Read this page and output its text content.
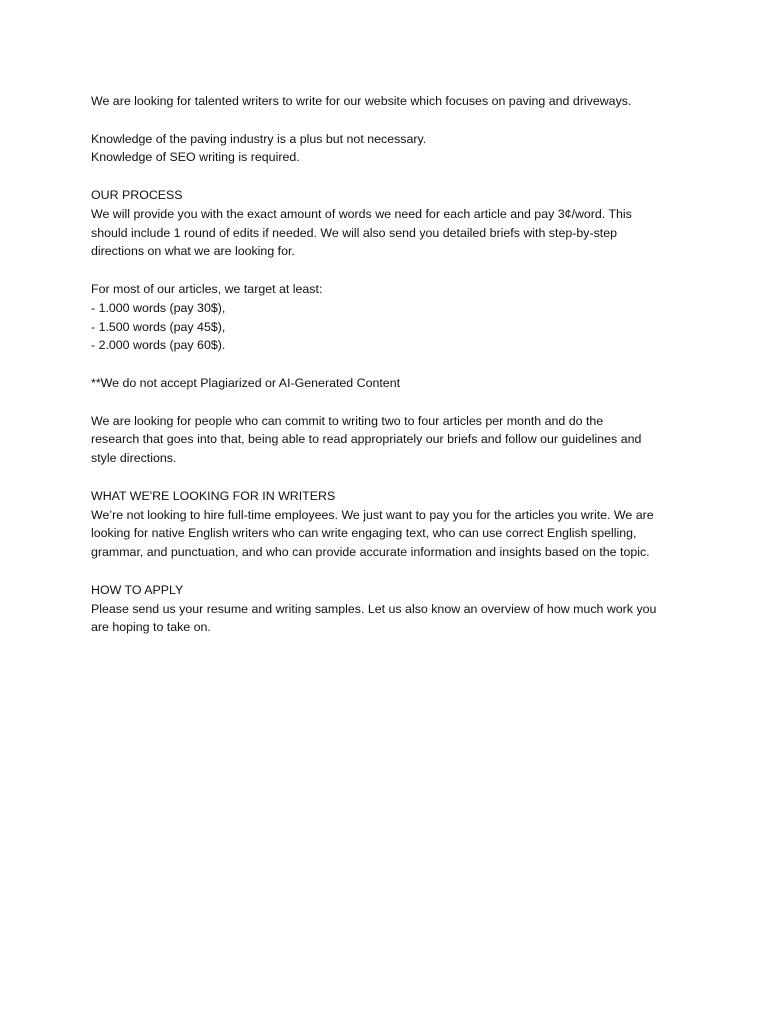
We are looking for talented writers to write for our website which focuses on paving and driveways.
Knowledge of the paving industry is a plus but not necessary.
Knowledge of SEO writing is required.
OUR PROCESS
We will provide you with the exact amount of words we need for each article and pay 3¢/word. This
should include 1 round of edits if needed. We will also send you detailed briefs with step-by-step
directions on what we are looking for.
For most of our articles, we target at least:
- 1.000 words (pay 30$),
- 1.500 words (pay 45$),
- 2.000 words (pay 60$).
**We do not accept Plagiarized or AI-Generated Content
We are looking for people who can commit to writing two to four articles per month and do the
research that goes into that, being able to read appropriately our briefs and follow our guidelines and
style directions.
WHAT WE'RE LOOKING FOR IN WRITERS
We’re not looking to hire full-time employees. We just want to pay you for the articles you write. We are
looking for native English writers who can write engaging text, who can use correct English spelling,
grammar, and punctuation, and who can provide accurate information and insights based on the topic.
HOW TO APPLY
Please send us your resume and writing samples. Let us also know an overview of how much work you
are hoping to take on.
